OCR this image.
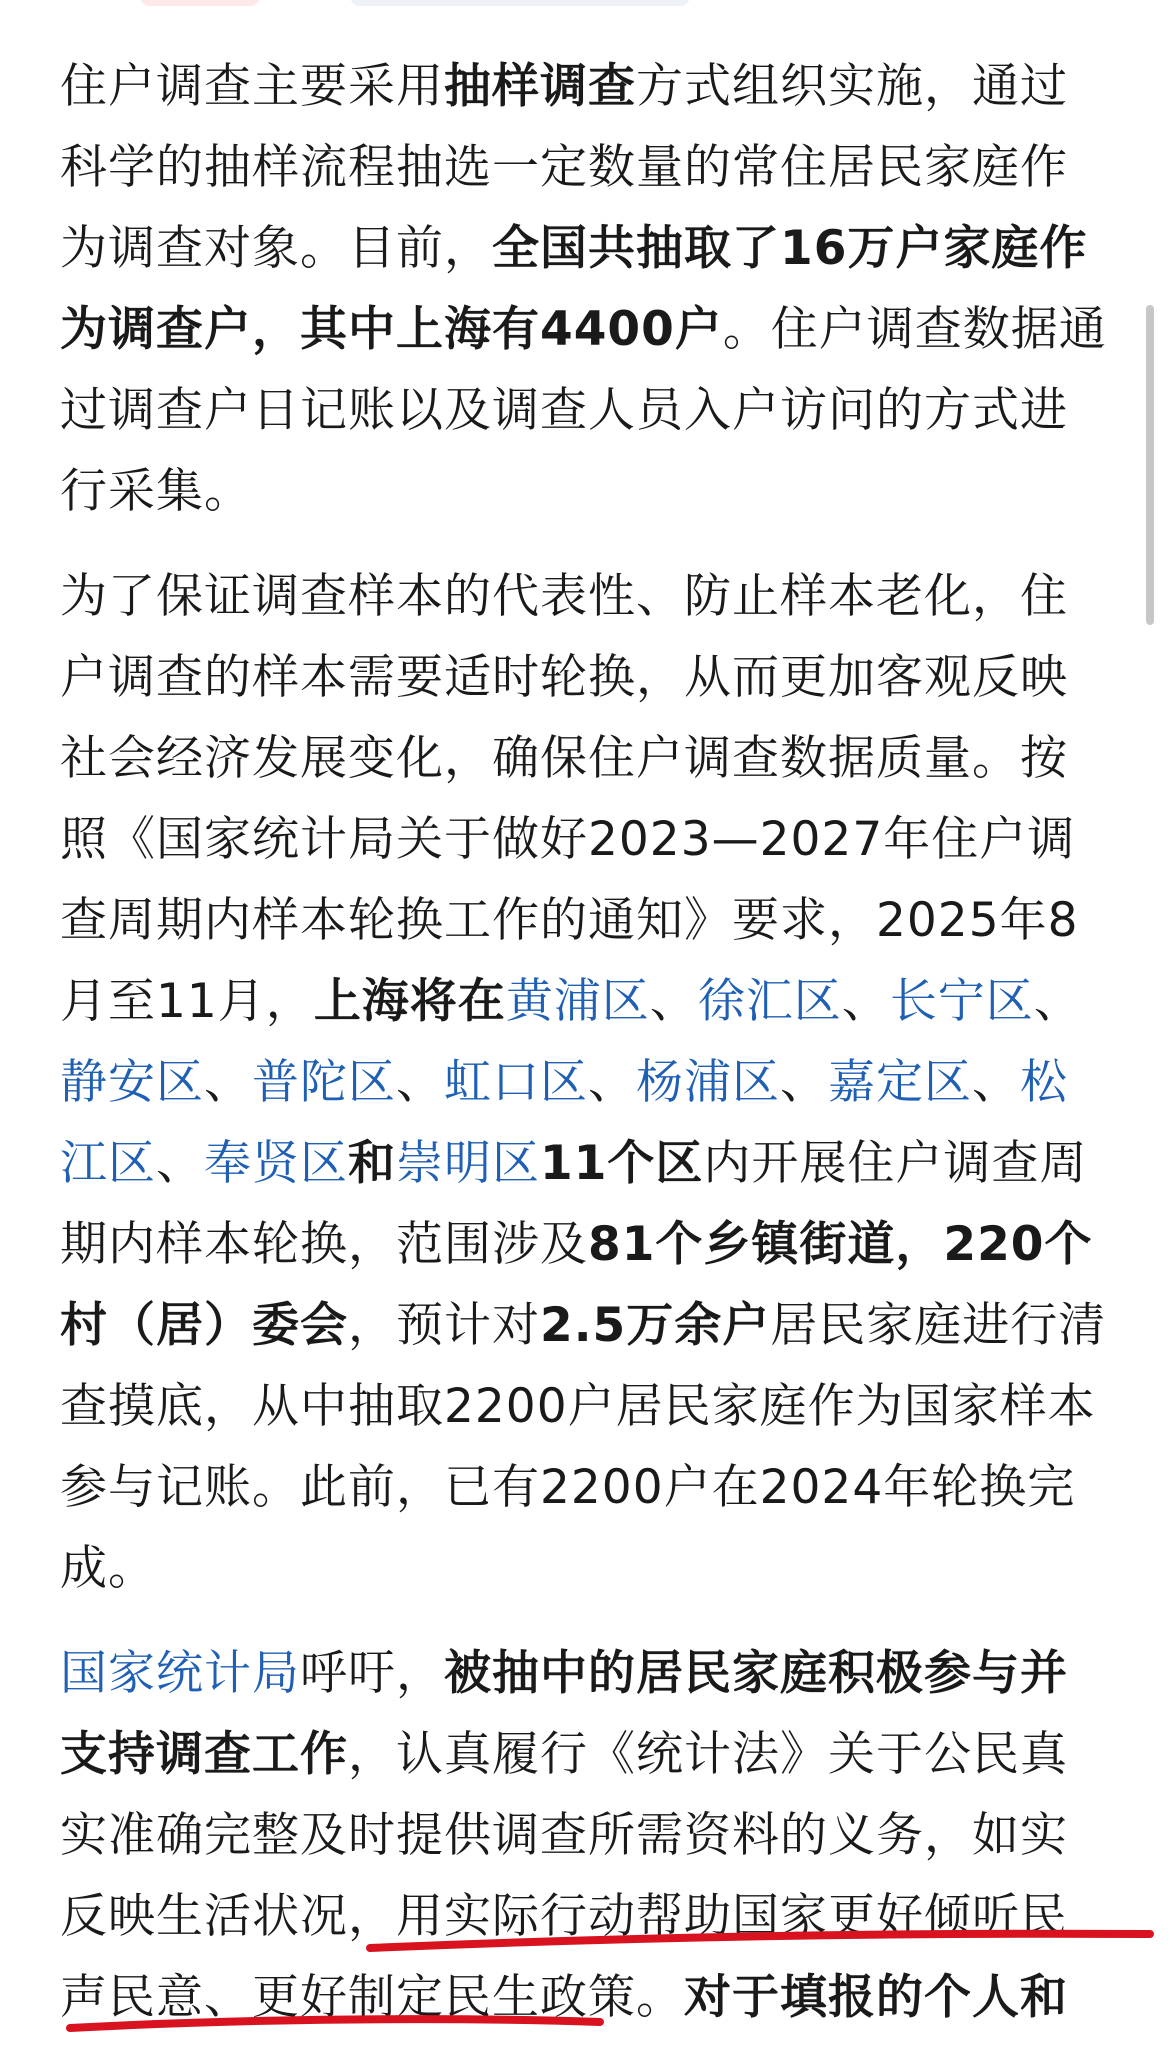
住户调查主要采用抽样调查方式组织实施，通过科学的抽样流程抽选一定数量的常住居民家庭作为调查对象。目前，全国共抽取了16万户家庭作为调查户，其中上海有4400户。住户调查数据通过调查户日记账以及调查人员入户访问的方式进行采集。

为了保证调查样本的代表性、防止样本老化，住户调查的样本需要适时轮换，从而更加客观反映社会经济发展变化，确保住户调查数据质量。按照《国家统计局关于做好2023—2027年住户调查周期内样本轮换工作的通知》要求，2025年8月至11月，上海将在黄浦区、徐汇区、长宁区、静安区、普陀区、虹口区、杨浦区、嘉定区、松江区、奉贤区和崇明区11个区内开展住户调查周期内样本轮换，范围涉及81个乡镇街道，220个村（居）委会，预计对2.5万余户居民家庭进行清查摸底，从中抽取2200户居民家庭作为国家样本参与记账。此前，已有2200户在2024年轮换完成。

国家统计局呼吁，被抽中的居民家庭积极参与并支持调查工作，认真履行《统计法》关于公民真实准确完整及时提供调查所需资料的义务，如实反映生活状况，用实际行动帮助国家更好倾听民声民意、更好制定民生政策。对于填报的个人和
